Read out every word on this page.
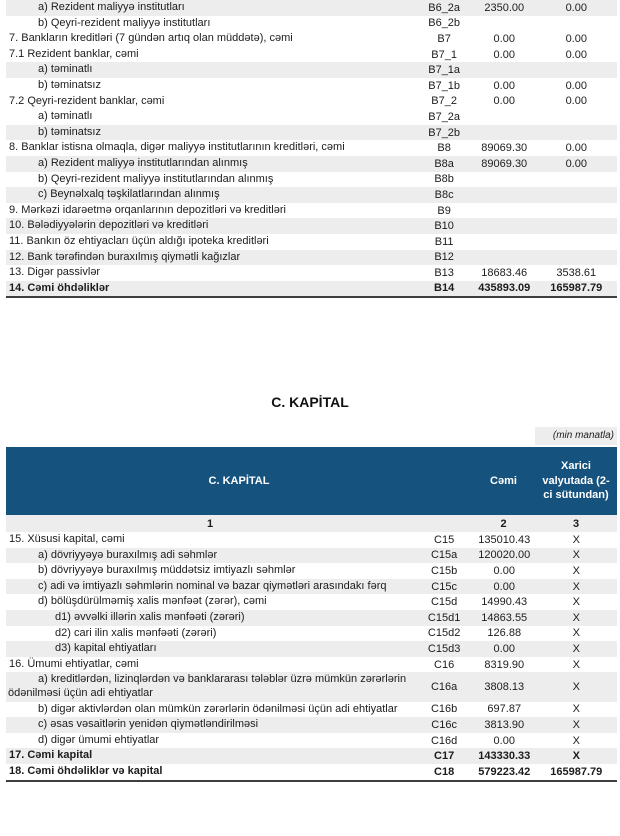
a) Rezident maliyyə institutları	B6_2a	2350.00	0.00
b) Qeyri-rezident maliyyə institutları	B6_2b
7. Bankların kreditləri (7 gündən artıq olan müddətə), cəmi	B7	0.00	0.00
7.1 Rezident banklar, cəmi	B7_1	0.00	0.00
a) təminatlı	B7_1a
b) təminatsız	B7_1b	0.00	0.00
7.2 Qeyri-rezident banklar, cəmi	B7_2	0.00	0.00
a) təminatlı	B7_2a
b) təminatsız	B7_2b
8. Banklar istisna olmaqla, digər maliyyə institutlarının kreditləri, cəmi	B8	89069.30	0.00
a) Rezident maliyyə institutlarından alınmış	B8a	89069.30	0.00
b) Qeyri-rezident maliyyə institutlarından alınmış	B8b
c) Beynəlxalq təşkilatlarından alınmış	B8c
9. Mərkəzi idarəetmə orqanlarının depozitləri və kreditləri	B9
10. Bələdiyyələrin depozitləri və kreditləri	B10
11. Bankın öz ehtiyacları üçün aldığı ipoteka kreditləri	B11
12. Bank tərəfindən buraxılmış qiymətli kağızlar	B12
13. Digər passivlər	B13	18683.46	3538.61
14. Cəmi öhdəliklər	B14	435893.09	165987.79
C. KAPİTAL
(min manatla)
C. KAPİTAL	Cəmi
Xarici valyutada (2-ci sütundan)
1	2	3
15. Xüsusi kapital, cəmi	C15	135010.43	X
a) dövriyyəyə buraxılmış adi səhmlər	C15a	120020.00	X
b) dövriyyəyə buraxılmış müddətsiz imtiyazlı səhmlər	C15b	0.00	X
c) adi və imtiyazlı səhmlərin nominal və bazar qiymətləri arasındakı fərq	C15c	0.00	X
d) bölüşdürülməmiş xalis mənfəət (zərər), cəmi	C15d	14990.43	X
d1) əvvəlki illərin xalis mənfəəti (zərəri)	C15d1	14863.55	X
d2) cari ilin xalis mənfəəti (zərəri)	C15d2	126.88	X
d3) kapital ehtiyatları	C15d3	0.00	X
16. Ümumi ehtiyatlar, cəmi	C16	8319.90	X
a) kreditlərdən, lizinqlərdən və banklararası tələblər üzrə mümkün zərərlərin ödənilməsi üçün adi ehtiyatlar	C16a	3808.13	X
b) digər aktivlərdən olan mümkün zərərlərin ödənilməsi üçün adi ehtiyatlar	C16b	697.87	X
c) əsas vəsaitlərin yenidən qiymətləndirilməsi	C16c	3813.90	X
d) digər ümumi ehtiyatlar	C16d	0.00	X
17. Cəmi kapital	C17	143330.33	X
18. Cəmi öhdəliklər və kapital	C18	579223.42	165987.79
